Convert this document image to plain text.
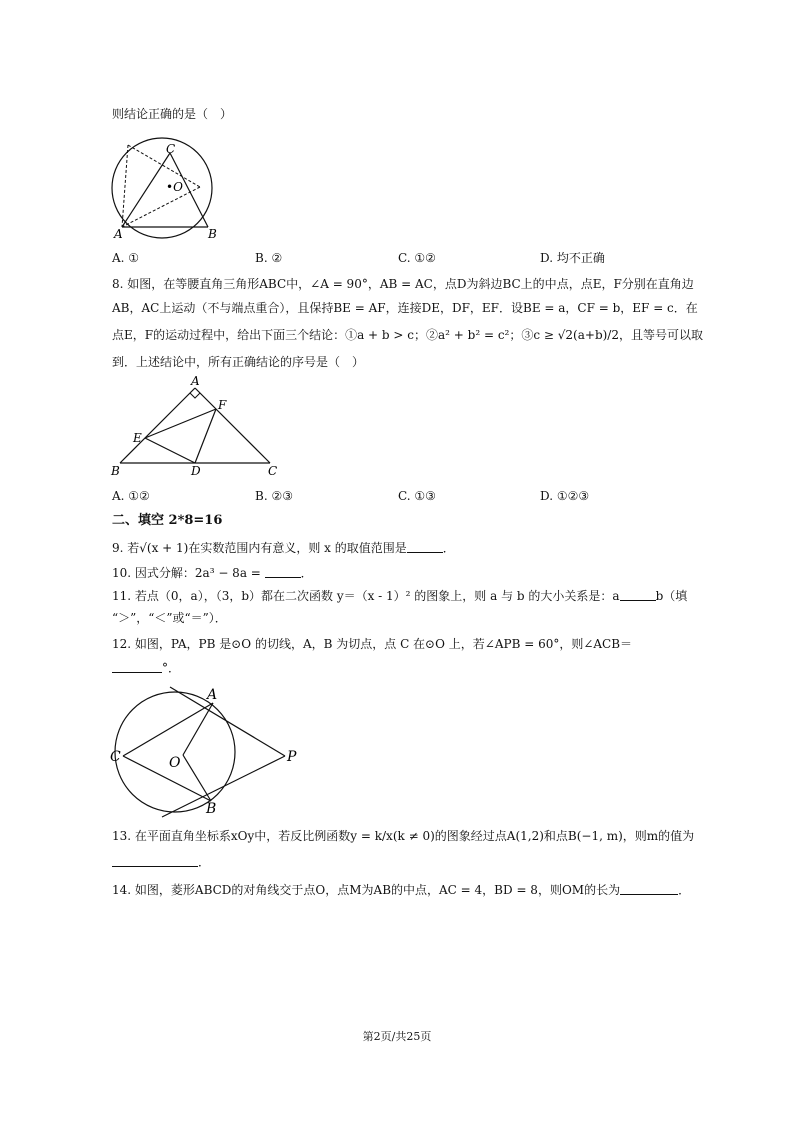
则结论正确的是（　）
C
•O
A	B
A. ①	B. ②	C. ①②	D. 均不正确
8. 如图，在等腰直角三角形ABC中，∠A = 90°，AB = AC，点D为斜边BC上的中点，点E，F分别在直角边
AB，AC上运动（不与端点重合），且保持BE = AF，连接DE，DF，EF．设BE = a，CF = b，EF = c．在
点E，F的运动过程中，给出下面三个结论：①a + b > c；②a² + b² = c²；③c ≥ √2(a+b)/2，且等号可以取
到．上述结论中，所有正确结论的序号是（　）
A
F
E
B	D	C
A. ①②	B. ②③	C. ①③	D. ①②③
二、填空 2*8=16
9. 若√(x + 1)在实数范围内有意义，则 x 的取值范围是	．
10. 因式分解：2a³ − 8a =	．
11. 若点（0，a），（3，b）都在二次函数 y＝（x - 1）² 的图象上，则 a 与 b 的大小关系是：a	b（填
“＞”，“＜”或“＝”）．
12. 如图，PA，PB 是⊙O 的切线，A，B 为切点，点 C 在⊙O 上，若∠APB = 60°，则∠ACB＝
°．
A
C	O	P
B
13. 在平面直角坐标系xOy中，若反比例函数y = k/x(k ≠ 0)的图象经过点A(1,2)和点B(−1, m)，则m的值为
．
14. 如图，菱形ABCD的对角线交于点O，点M为AB的中点，AC = 4，BD = 8，则OM的长为	．
第2页/共25页
